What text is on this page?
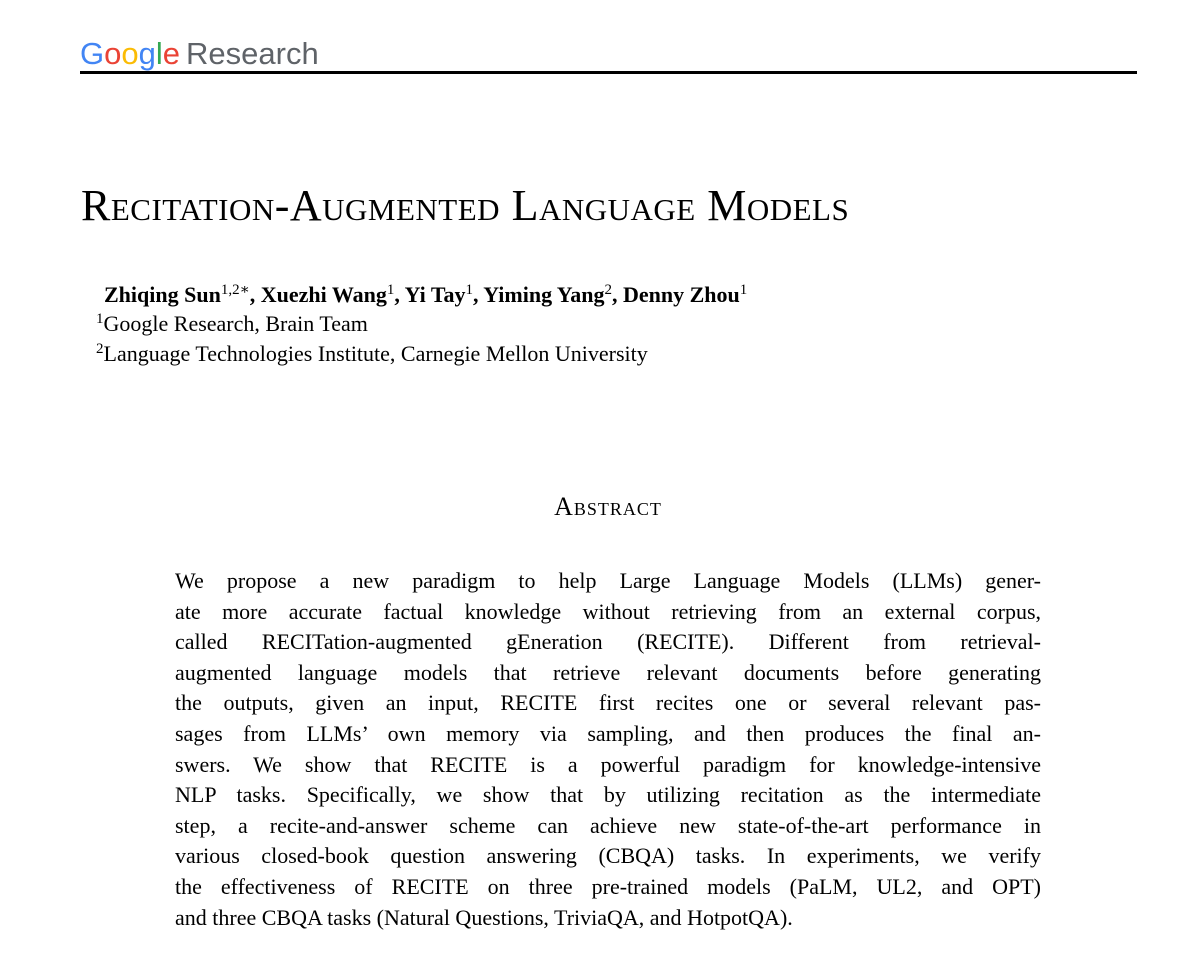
Google Research
Recitation-Augmented Language Models
Zhiqing Sun$^{1,2∗}$, Xuezhi Wang$^1$, Yi Tay$^1$, Yiming Yang$^2$, Denny Zhou$^1$
$^1$Google Research, Brain Team
$^2$Language Technologies Institute, Carnegie Mellon University
Abstract
We propose a new paradigm to help Large Language Models (LLMs) gener-
ate more accurate factual knowledge without retrieving from an external corpus,
called RECITation-augmented gEneration (RECITE). Different from retrieval-
augmented language models that retrieve relevant documents before generating
the outputs, given an input, RECITE first recites one or several relevant pas-
sages from LLMs’ own memory via sampling, and then produces the final an-
swers. We show that RECITE is a powerful paradigm for knowledge-intensive
NLP tasks. Specifically, we show that by utilizing recitation as the intermediate
step, a recite-and-answer scheme can achieve new state-of-the-art performance in
various closed-book question answering (CBQA) tasks. In experiments, we verify
the effectiveness of RECITE on three pre-trained models (PaLM, UL2, and OPT)
and three CBQA tasks (Natural Questions, TriviaQA, and HotpotQA).
